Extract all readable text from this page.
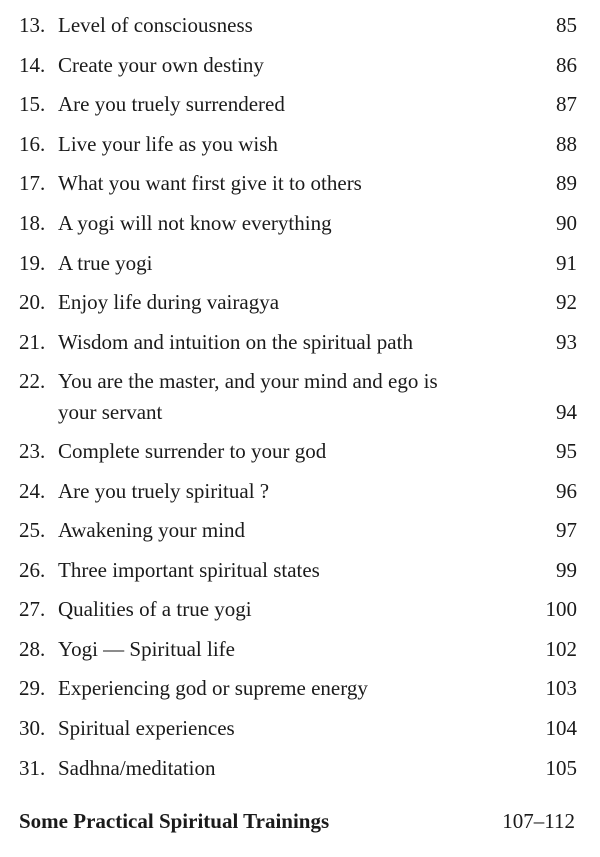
13. Level of consciousness	85
14. Create your own destiny	86
15. Are you truely surrendered	87
16. Live your life as you wish	88
17. What you want first give it to others	89
18. A yogi will not know everything	90
19. A true yogi	91
20. Enjoy life during vairagya	92
21. Wisdom and intuition on the spiritual path	93
22. You are the master, and your mind and ego is
your servant	94
23. Complete surrender to your god	95
24. Are you truely spiritual ?	96
25. Awakening your mind	97
26. Three important spiritual states	99
27. Qualities of a true yogi	100
28. Yogi — Spiritual life	102
29. Experiencing god or supreme energy	103
30. Spiritual experiences	104
31. Sadhna/meditation	105
Some Practical Spiritual Trainings	107–112
